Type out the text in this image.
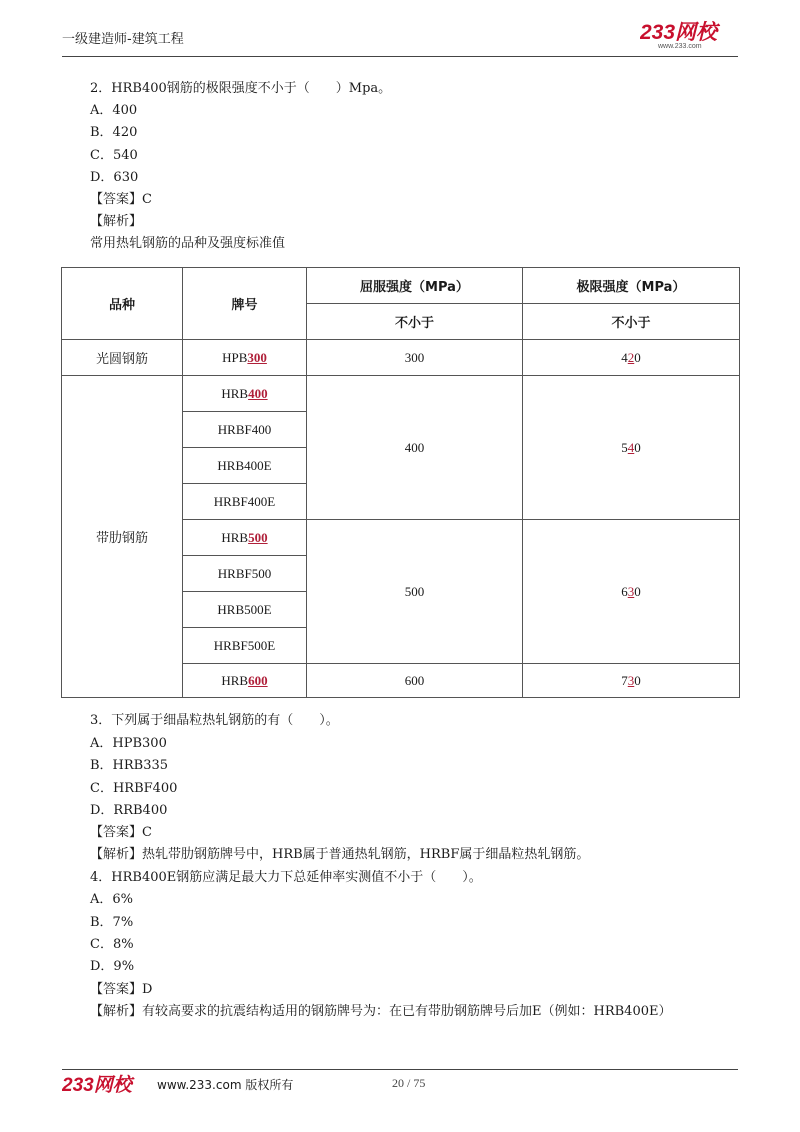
一级建造师-建筑工程	233网校
www.233.com
2．HRB400钢筋的极限强度不小于（　　）Mpa。
A．400
B．420
C．540
D．630
【答案】C
【解析】
常用热轧钢筋的品种及强度标准值
品种	牌号	屈服强度（MPa）	极限强度（MPa）
		不小于	不小于
光圆钢筋	HPB300	300	420
带肋钢筋	HRB400	400	540
	HRBF400		
	HRB400E		
	HRBF400E		
	HRB500	500	630
	HRBF500		
	HRB500E		
	HRBF500E		
	HRB600	600	730
3．下列属于细晶粒热轧钢筋的有（　　）。
A．HPB300
B．HRB335
C．HRBF400
D．RRB400
【答案】C
【解析】热轧带肋钢筋牌号中，HRB属于普通热轧钢筋，HRBF属于细晶粒热轧钢筋。
4．HRB400E钢筋应满足最大力下总延伸率实测值不小于（　　）。
A．6%
B．7%
C．8%
D．9%
【答案】D
【解析】有较高要求的抗震结构适用的钢筋牌号为：在已有带肋钢筋牌号后加E（例如：HRB400E）
233网校 www.233.com 版权所有	20 / 75
